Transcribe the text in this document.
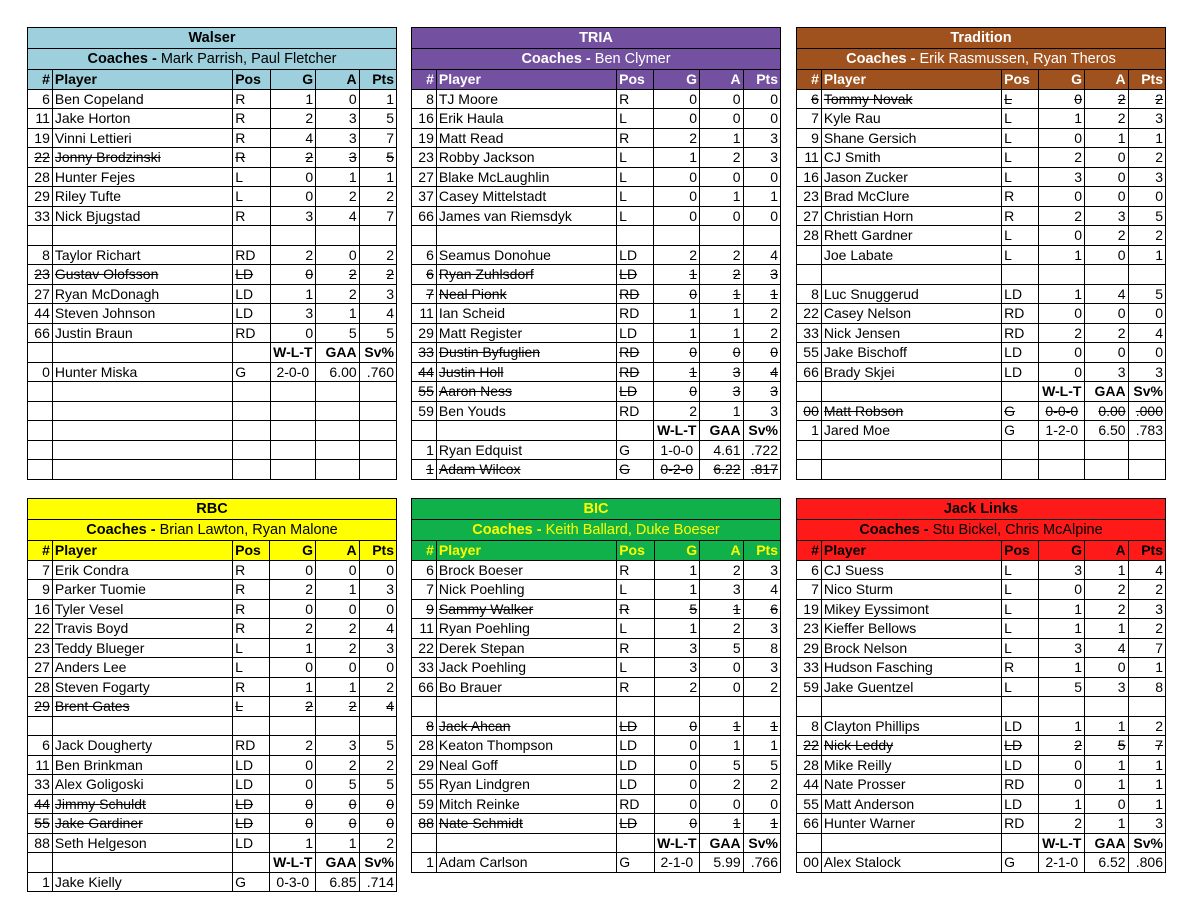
Walser					
Coaches - Mark Parrish, Paul Fletcher					
#	Player	Pos	G	A	Pts
6	Ben Copeland	R	1	0	1
11	Jake Horton	R	2	3	5
19	Vinni Lettieri	R	4	3	7
22	Jonny Brodzinski	R	2	3	5
28	Hunter Fejes	L	0	1	1
29	Riley Tufte	L	0	2	2
33	Nick Bjugstad	R	3	4	7

8	Taylor Richart	RD	2	0	2
23	Gustav Olofsson	LD	0	2	2
27	Ryan McDonagh	LD	1	2	3
44	Steven Johnson	LD	3	1	4
66	Justin Braun	RD	0	5	5
			W-L-T	GAA	Sv%
0	Hunter Miska	G	2-0-0	6.00	.760

TRIA					
Coaches - Ben Clymer					
#	Player	Pos	G	A	Pts
8	TJ Moore	R	0	0	0
16	Erik Haula	L	0	0	0
19	Matt Read	R	2	1	3
23	Robby Jackson	L	1	2	3
27	Blake McLaughlin	L	0	0	0
37	Casey Mittelstadt	L	0	1	1
66	James van Riemsdyk	L	0	0	0

6	Seamus Donohue	LD	2	2	4
6	Ryan Zuhlsdorf	LD	1	2	3
7	Neal Pionk	RD	0	1	1
11	Ian Scheid	RD	1	1	2
29	Matt Register	LD	1	1	2
33	Dustin Byfuglien	RD	0	0	0
44	Justin Holl	RD	1	3	4
55	Aaron Ness	LD	0	3	3
59	Ben Youds	RD	2	1	3
			W-L-T	GAA	Sv%
1	Ryan Edquist	G	1-0-0	4.61	.722
1	Adam Wilcox	G	0-2-0	6.22	.817
Tradition					
Coaches - Erik Rasmussen, Ryan Theros					
#	Player	Pos	G	A	Pts
6	Tommy Novak	L	0	2	2
7	Kyle Rau	L	1	2	3
9	Shane Gersich	L	0	1	1
11	CJ Smith	L	2	0	2
16	Jason Zucker	L	3	0	3
23	Brad McClure	R	0	0	0
27	Christian Horn	R	2	3	5
28	Rhett Gardner	L	0	2	2
	Joe Labate	L	1	0	1

8	Luc Snuggerud	LD	1	4	5
22	Casey Nelson	RD	0	0	0
33	Nick Jensen	RD	2	2	4
55	Jake Bischoff	LD	0	0	0
66	Brady Skjei	LD	0	3	3
			W-L-T	GAA	Sv%
00	Matt Robson	G	0-0-0	0.00	.000
1	Jared Moe	G	1-2-0	6.50	.783

RBC					
Coaches - Brian Lawton, Ryan Malone					
#	Player	Pos	G	A	Pts
7	Erik Condra	R	0	0	0
9	Parker Tuomie	R	2	1	3
16	Tyler Vesel	R	0	0	0
22	Travis Boyd	R	2	2	4
23	Teddy Blueger	L	1	2	3
27	Anders Lee	L	0	0	0
28	Steven Fogarty	R	1	1	2
29	Brent Gates	L	2	2	4

6	Jack Dougherty	RD	2	3	5
11	Ben Brinkman	LD	0	2	2
33	Alex Goligoski	LD	0	5	5
44	Jimmy Schuldt	LD	0	0	0
55	Jake Gardiner	LD	0	0	0
88	Seth Helgeson	LD	1	1	2
			W-L-T	GAA	Sv%
1	Jake Kielly	G	0-3-0	6.85	.714
BIC					
Coaches - Keith Ballard, Duke Boeser					
#	Player	Pos	G	A	Pts
6	Brock Boeser	R	1	2	3
7	Nick Poehling	L	1	3	4
9	Sammy Walker	R	5	1	6
11	Ryan Poehling	L	1	2	3
22	Derek Stepan	R	3	5	8
33	Jack Poehling	L	3	0	3
66	Bo Brauer	R	2	0	2

8	Jack Ahcan	LD	0	1	1
28	Keaton Thompson	LD	0	1	1
29	Neal Goff	LD	0	5	5
55	Ryan Lindgren	LD	0	2	2
59	Mitch Reinke	RD	0	0	0
88	Nate Schmidt	LD	0	1	1
			W-L-T	GAA	Sv%
1	Adam Carlson	G	2-1-0	5.99	.766
Jack Links					
Coaches - Stu Bickel, Chris McAlpine					
#	Player	Pos	G	A	Pts
6	CJ Suess	L	3	1	4
7	Nico Sturm	L	0	2	2
19	Mikey Eyssimont	L	1	2	3
23	Kieffer Bellows	L	1	1	2
29	Brock Nelson	L	3	4	7
33	Hudson Fasching	R	1	0	1
59	Jake Guentzel	L	5	3	8

8	Clayton Phillips	LD	1	1	2
22	Nick Leddy	LD	2	5	7
28	Mike Reilly	LD	0	1	1
44	Nate Prosser	RD	0	1	1
55	Matt Anderson	LD	1	0	1
66	Hunter Warner	RD	2	1	3
			W-L-T	GAA	Sv%
00	Alex Stalock	G	2-1-0	6.52	.806
